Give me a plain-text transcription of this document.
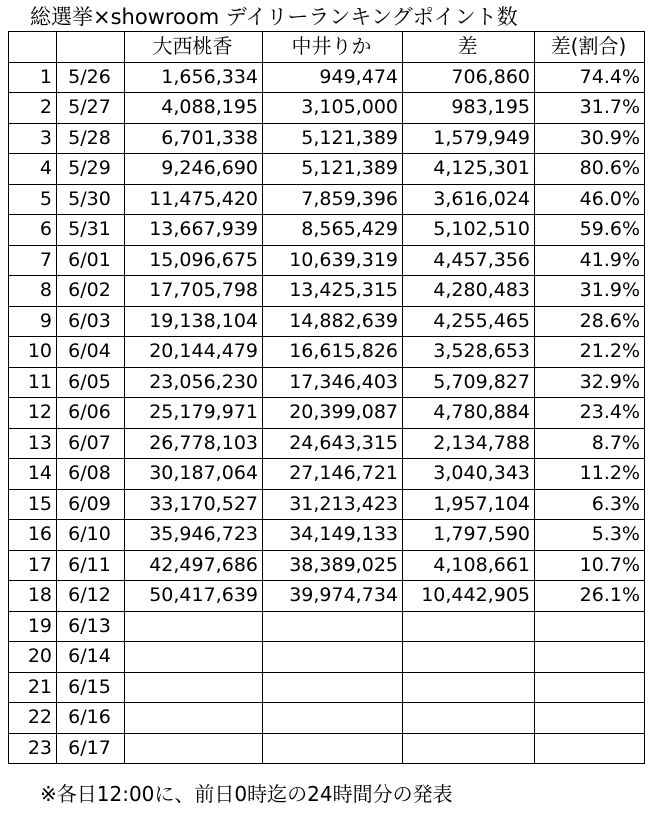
総選挙×showroom デイリーランキングポイント数
		大西桃香	中井りか	差	差(割合)
1	5/26	1,656,334	949,474	706,860	74.4%
2	5/27	4,088,195	3,105,000	983,195	31.7%
3	5/28	6,701,338	5,121,389	1,579,949	30.9%
4	5/29	9,246,690	5,121,389	4,125,301	80.6%
5	5/30	11,475,420	7,859,396	3,616,024	46.0%
6	5/31	13,667,939	8,565,429	5,102,510	59.6%
7	6/01	15,096,675	10,639,319	4,457,356	41.9%
8	6/02	17,705,798	13,425,315	4,280,483	31.9%
9	6/03	19,138,104	14,882,639	4,255,465	28.6%
10	6/04	20,144,479	16,615,826	3,528,653	21.2%
11	6/05	23,056,230	17,346,403	5,709,827	32.9%
12	6/06	25,179,971	20,399,087	4,780,884	23.4%
13	6/07	26,778,103	24,643,315	2,134,788	8.7%
14	6/08	30,187,064	27,146,721	3,040,343	11.2%
15	6/09	33,170,527	31,213,423	1,957,104	6.3%
16	6/10	35,946,723	34,149,133	1,797,590	5.3%
17	6/11	42,497,686	38,389,025	4,108,661	10.7%
18	6/12	50,417,639	39,974,734	10,442,905	26.1%
19	6/13				
20	6/14				
21	6/15				
22	6/16				
23	6/17				
※各日12:00に、前日0時迄の24時間分の発表
